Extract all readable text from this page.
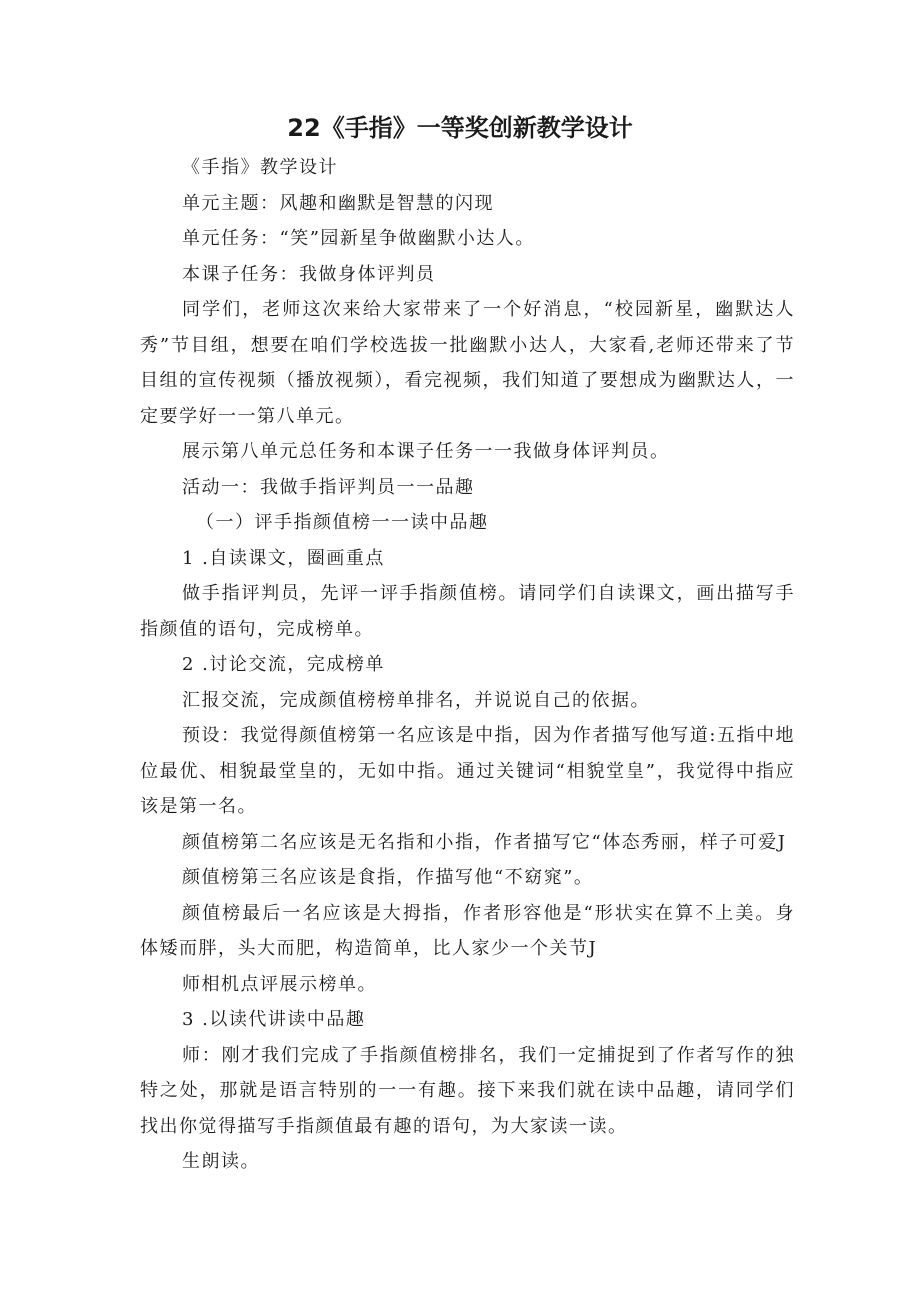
22《手指》一等奖创新教学设计

《手指》教学设计

单元主题：风趣和幽默是智慧的闪现

单元任务：“笑”园新星争做幽默小达人。

本课子任务：我做身体评判员

同学们，老师这次来给大家带来了一个好消息，“校园新星，幽默达人秀”节目组，想要在咱们学校选拔一批幽默小达人，大家看,老师还带来了节目组的宣传视频（播放视频），看完视频，我们知道了要想成为幽默达人，一定要学好一一第八单元。

展示第八单元总任务和本课子任务一一我做身体评判员。

活动一：我做手指评判员一一品趣

（一）评手指颜值榜一一读中品趣

1 .自读课文，圈画重点

做手指评判员，先评一评手指颜值榜。请同学们自读课文，画出描写手指颜值的语句，完成榜单。

2 .讨论交流，完成榜单

汇报交流，完成颜值榜榜单排名，并说说自己的依据。

预设：我觉得颜值榜第一名应该是中指，因为作者描写他写道:五指中地位最优、相貌最堂皇的，无如中指。通过关键词“相貌堂皇”，我觉得中指应该是第一名。

颜值榜第二名应该是无名指和小指，作者描写它“体态秀丽，样子可爱J

颜值榜第三名应该是食指，作描写他“不窈窕”。

颜值榜最后一名应该是大拇指，作者形容他是“形状实在算不上美。身体矮而胖，头大而肥，构造简单，比人家少一个关节J

师相机点评展示榜单。

3 .以读代讲读中品趣

师：刚才我们完成了手指颜值榜排名，我们一定捕捉到了作者写作的独特之处，那就是语言特别的一一有趣。接下来我们就在读中品趣，请同学们找出你觉得描写手指颜值最有趣的语句，为大家读一读。

生朗读。
